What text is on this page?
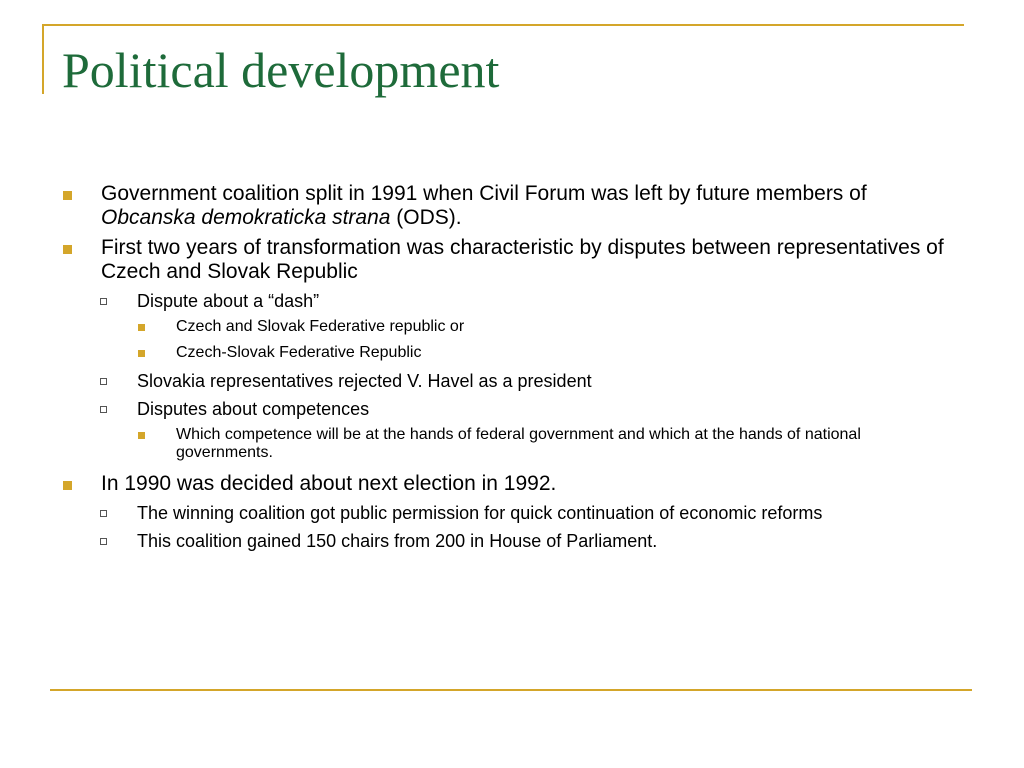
Political development
Government coalition split in 1991 when Civil Forum was left by future members of Obcanska demokraticka strana (ODS).
First two years of transformation was characteristic by disputes between representatives of Czech and Slovak Republic
Dispute about a “dash”
Czech and Slovak Federative republic or
Czech-Slovak Federative Republic
Slovakia representatives rejected V. Havel as a president
Disputes about competences
Which competence will be at the hands of federal government and which at the hands of national governments.
In 1990 was decided about next election in 1992.
The winning coalition got public permission for quick continuation of economic reforms
This coalition gained 150 chairs from 200 in House of Parliament.
